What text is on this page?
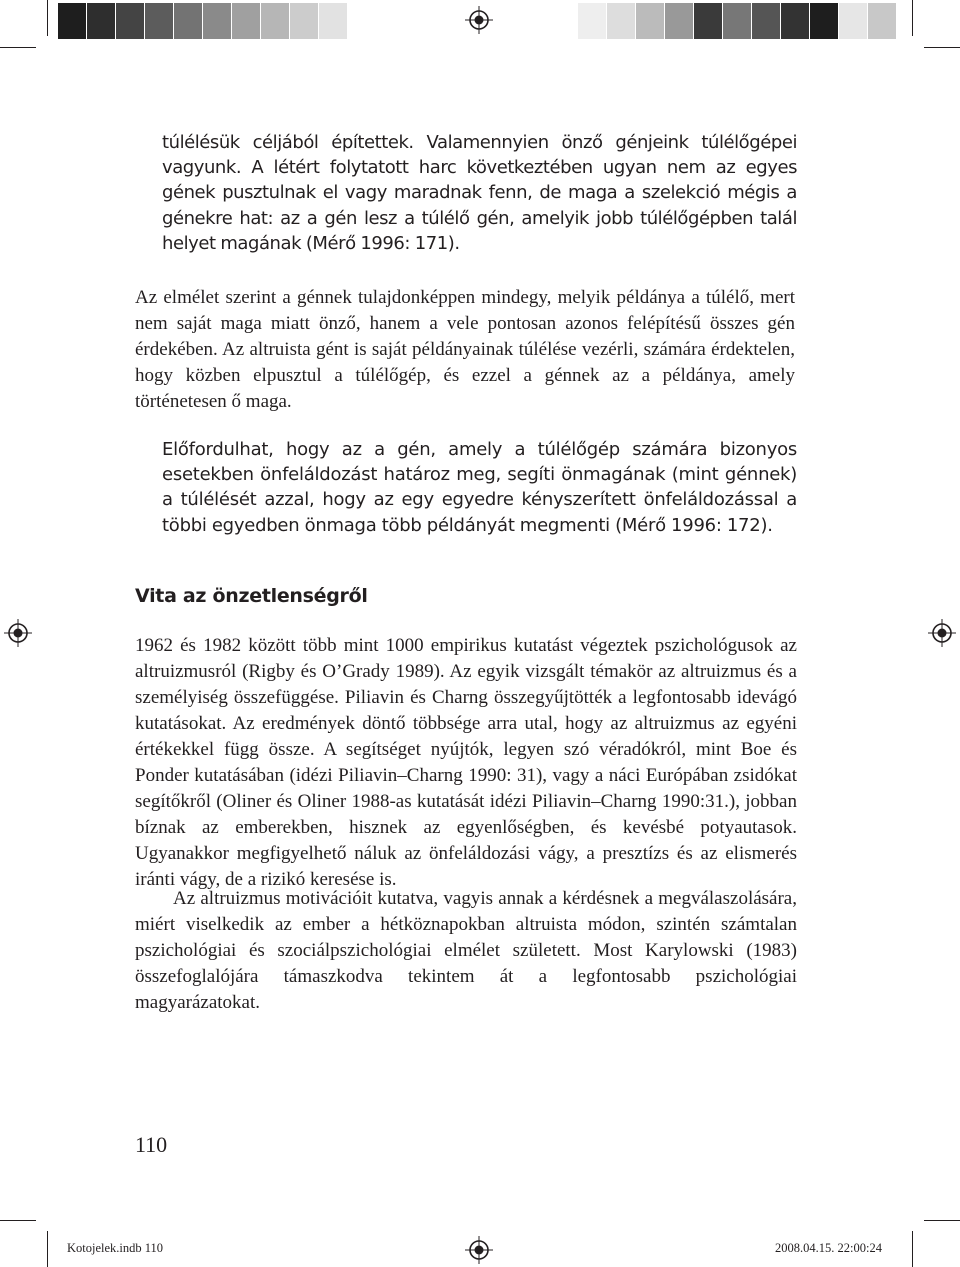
túlélésük céljából építettek. Valamennyien önző génjeink túlélőgépei vagyunk. A létért folytatott harc következtében ugyan nem az egyes gének pusztulnak el vagy maradnak fenn, de maga a szelekció mégis a génekre hat: az a gén lesz a túlélő gén, amelyik jobb túlélőgépben talál helyet magának (Mérő 1996: 171).

Az elmélet szerint a génnek tulajdonképpen mindegy, melyik példánya a túlélő, mert nem saját maga miatt önző, hanem a vele pontosan azonos felépítésű összes gén érdekében. Az altruista gént is saját példányainak túlélése vezérli, számára érdektelen, hogy közben elpusztul a túlélőgép, és ezzel a génnek az a példánya, amely történetesen ő maga.

Előfordulhat, hogy az a gén, amely a túlélőgép számára bizonyos esetekben önfeláldozást határoz meg, segíti önmagának (mint génnek) a túlélését azzal, hogy az egy egyedre kényszerített önfeláldozással a többi egyedben önmaga több példányát megmenti (Mérő 1996: 172).

Vita az önzetlenségről

1962 és 1982 között több mint 1000 empirikus kutatást végeztek pszichológusok az altruizmusról (Rigby és O’Grady 1989). Az egyik vizsgált témakör az altruizmus és a személyiség összefüggése. Piliavin és Charng összegyűjtötték a legfontosabb idevágó kutatásokat. Az eredmények döntő többsége arra utal, hogy az altruizmus az egyéni értékekkel függ össze. A segítséget nyújtók, legyen szó véradókról, mint Boe és Ponder kutatásában (idézi Piliavin–Charng 1990: 31), vagy a náci Európában zsidókat segítőkről (Oliner és Oliner 1988-as kutatását idézi Piliavin–Charng 1990:31.), jobban bíznak az emberekben, hisznek az egyenlőségben, és kevésbé potyautasok. Ugyanakkor megfigyelhető náluk az önfeláldozási vágy, a presztízs és az elismerés iránti vágy, de a rizikó keresése is.

Az altruizmus motivációit kutatva, vagyis annak a kérdésnek a megválaszolására, miért viselkedik az ember a hétköznapokban altruista módon, szintén számtalan pszichológiai és szociálpszichológiai elmélet született. Most Karylowski (1983) összefoglalójára támaszkodva tekintem át a legfontosabb pszichológiai magyarázatokat.

110
Kotojelek.indb 110	2008.04.15. 22:00:24
